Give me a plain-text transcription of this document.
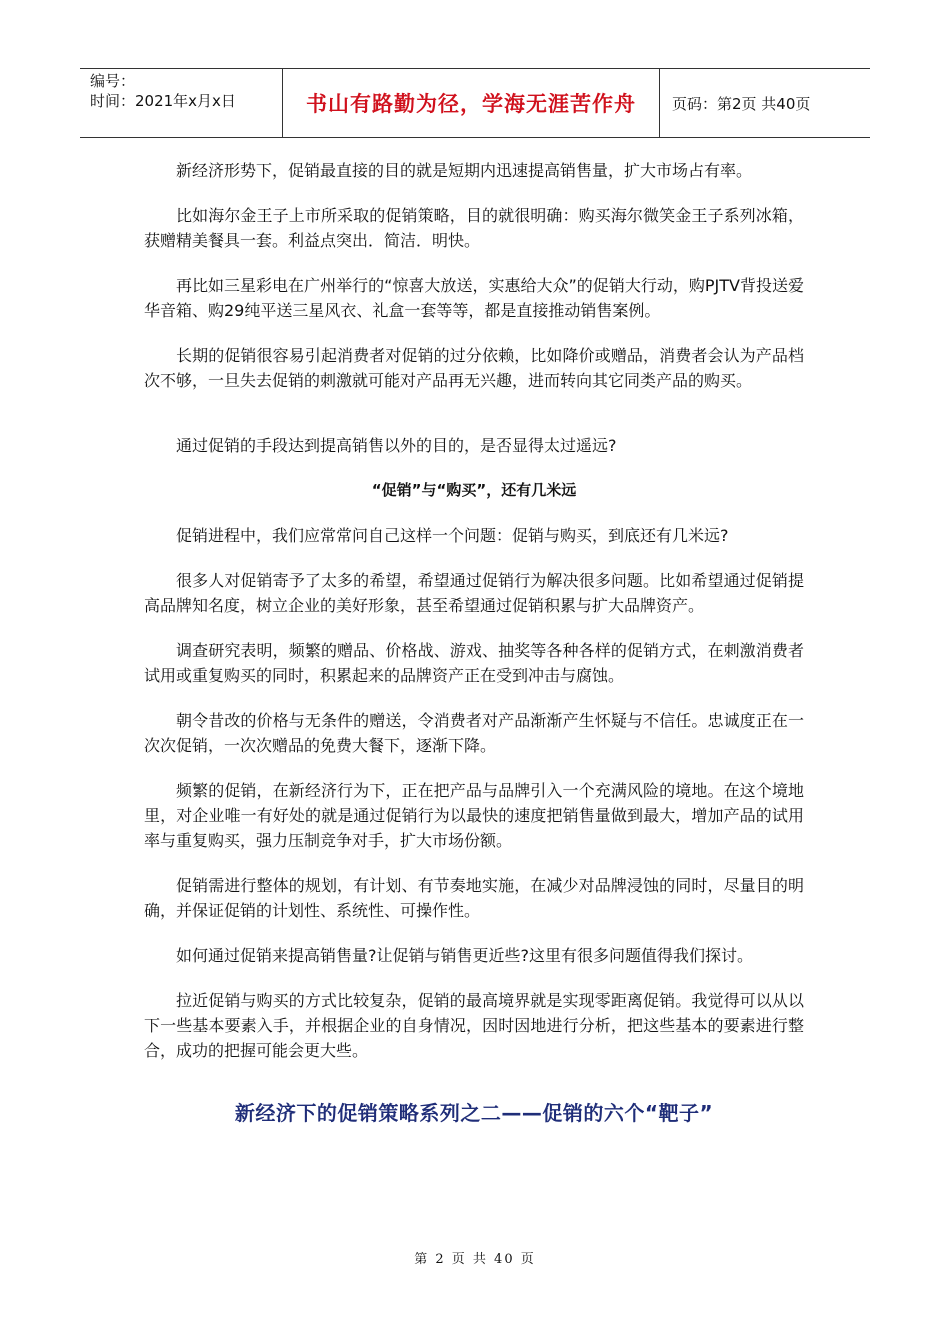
编号：
时间：2021年x月x日	书山有路勤为径，学海无涯苦作舟	页码：第2页 共40页

新经济形势下，促销最直接的目的就是短期内迅速提高销售量，扩大市场占有率。

比如海尔金王子上市所采取的促销策略，目的就很明确：购买海尔微笑金王子系列冰箱，获赠精美餐具一套。利益点突出．简洁．明快。

再比如三星彩电在广州举行的“惊喜大放送，实惠给大众”的促销大行动，购PJTV背投送爱华音箱、购29纯平送三星风衣、礼盒一套等等，都是直接推动销售案例。

长期的促销很容易引起消费者对促销的过分依赖，比如降价或赠品，消费者会认为产品档次不够，一旦失去促销的刺激就可能对产品再无兴趣，进而转向其它同类产品的购买。

通过促销的手段达到提高销售以外的目的，是否显得太过遥远?

“促销”与“购买”，还有几米远

促销进程中，我们应常常问自己这样一个问题：促销与购买，到底还有几米远?

很多人对促销寄予了太多的希望，希望通过促销行为解决很多问题。比如希望通过促销提高品牌知名度，树立企业的美好形象，甚至希望通过促销积累与扩大品牌资产。

调查研究表明，频繁的赠品、价格战、游戏、抽奖等各种各样的促销方式，在刺激消费者试用或重复购买的同时，积累起来的品牌资产正在受到冲击与腐蚀。

朝令昔改的价格与无条件的赠送，令消费者对产品渐渐产生怀疑与不信任。忠诚度正在一次次促销，一次次赠品的免费大餐下，逐渐下降。

频繁的促销，在新经济行为下，正在把产品与品牌引入一个充满风险的境地。在这个境地里，对企业唯一有好处的就是通过促销行为以最快的速度把销售量做到最大，增加产品的试用率与重复购买，强力压制竞争对手，扩大市场份额。

促销需进行整体的规划，有计划、有节奏地实施，在减少对品牌浸蚀的同时，尽量目的明确，并保证促销的计划性、系统性、可操作性。

如何通过促销来提高销售量?让促销与销售更近些?这里有很多问题值得我们探讨。

拉近促销与购买的方式比较复杂，促销的最高境界就是实现零距离促销。我觉得可以从以下一些基本要素入手，并根据企业的自身情况，因时因地进行分析，把这些基本的要素进行整合，成功的把握可能会更大些。

新经济下的促销策略系列之二——促销的六个“靶子”
第 2 页 共 40 页
